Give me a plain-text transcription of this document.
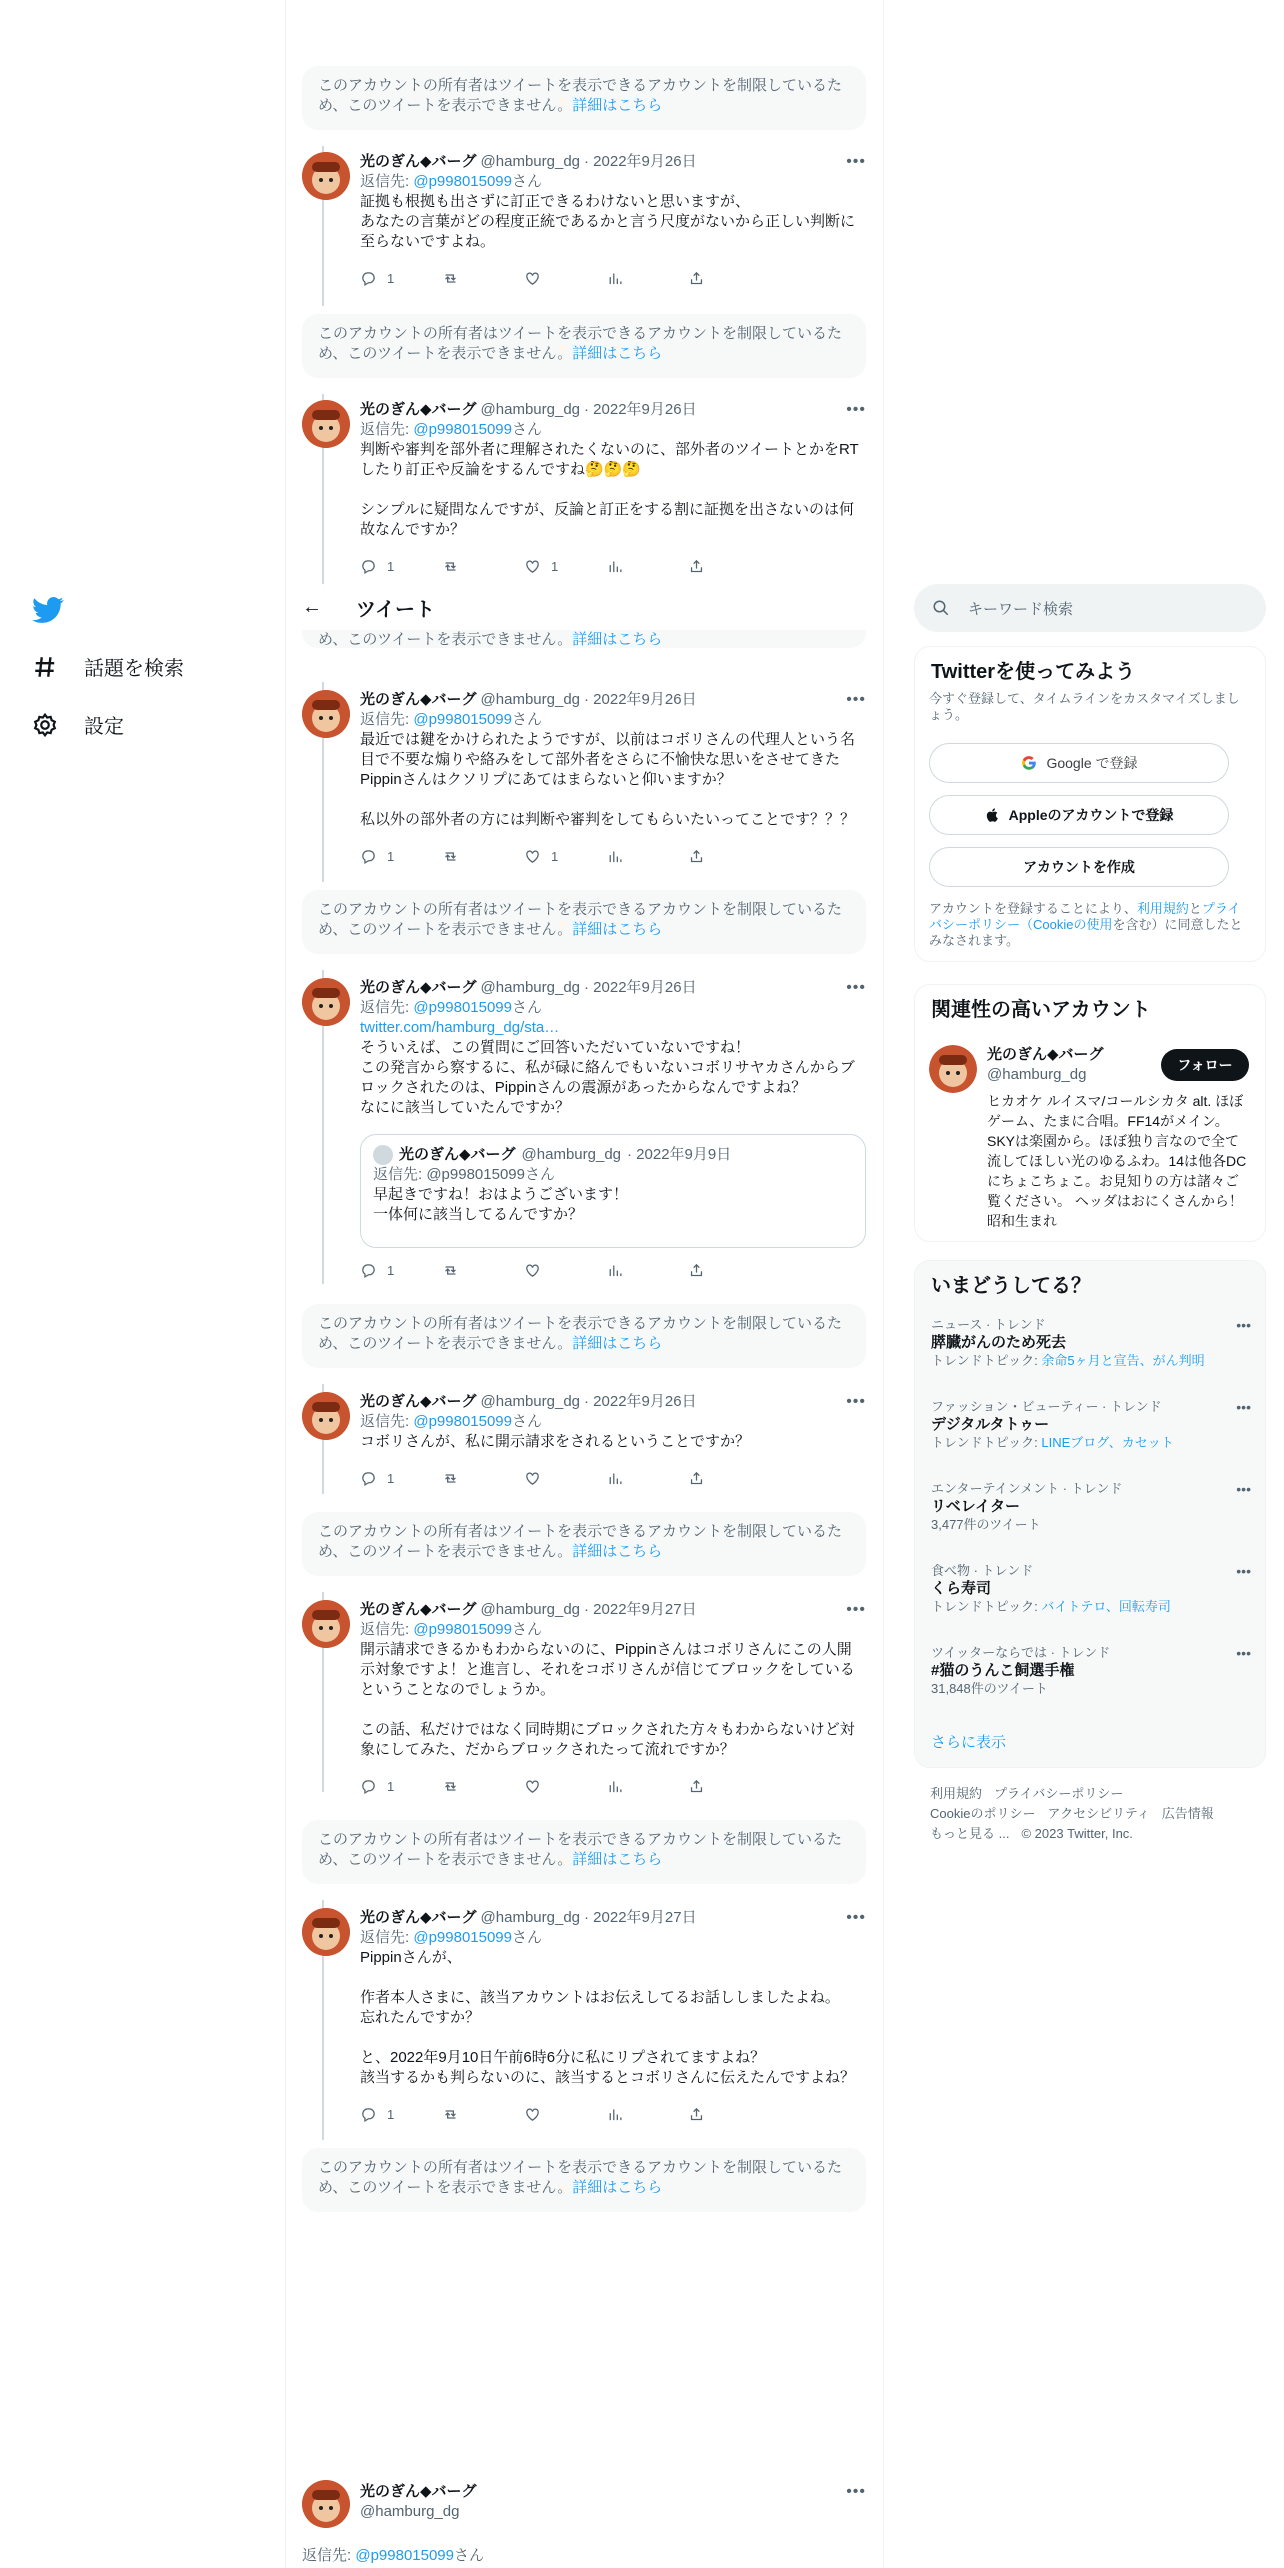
話題を検索
設定
このアカウントの所有者はツイートを表示できるアカウントを制限しているため、このツイートを表示できません。詳細はこちら
光のぎん◆バーグ @hamburg_dg · 2022年9月26日	•••
返信先: @p998015099さん
証拠も根拠も出さずに訂正できるわけないと思いますが、
あなたの言葉がどの程度正統であるかと言う尺度がないから正しい判断に至らないですよね。
1
このアカウントの所有者はツイートを表示できるアカウントを制限しているため、このツイートを表示できません。詳細はこちら
光のぎん◆バーグ @hamburg_dg · 2022年9月26日	•••
返信先: @p998015099さん
判断や審判を部外者に理解されたくないのに、部外者のツイートとかをRTしたり訂正や反論をするんですね🤔🤔🤔

シンプルに疑問なんですが、反論と訂正をする割に証拠を出さないのは何故なんですか？
1	1
め、このツイートを表示できません。詳細はこちら
光のぎん◆バーグ @hamburg_dg · 2022年9月26日	•••
返信先: @p998015099さん
最近では鍵をかけられたようですが、以前はコボリさんの代理人という名目で不要な煽りや絡みをして部外者をさらに不愉快な思いをさせてきたPippinさんはクソリプにあてはまらないと仰いますか？

私以外の部外者の方には判断や審判をしてもらいたいってことです？？？
1	1
このアカウントの所有者はツイートを表示できるアカウントを制限しているため、このツイートを表示できません。詳細はこちら
光のぎん◆バーグ @hamburg_dg · 2022年9月26日	•••
返信先: @p998015099さん
twitter.com/hamburg_dg/sta…
そういえば、この質問にご回答いただいていないですね！
この発言から察するに、私が碌に絡んでもいないコボリサヤカさんからブロックされたのは、Pippinさんの震源があったからなんですよね？
なにに該当していたんですか？
光のぎん◆バーグ @hamburg_dg · 2022年9月9日
返信先: @p998015099さん
早起きですね！おはようございます！
一体何に該当してるんですか？
1
このアカウントの所有者はツイートを表示できるアカウントを制限しているため、このツイートを表示できません。詳細はこちら
光のぎん◆バーグ @hamburg_dg · 2022年9月26日	•••
返信先: @p998015099さん
コボリさんが、私に開示請求をされるということですか？
1
このアカウントの所有者はツイートを表示できるアカウントを制限しているため、このツイートを表示できません。詳細はこちら
光のぎん◆バーグ @hamburg_dg · 2022年9月27日	•••
返信先: @p998015099さん
開示請求できるかもわからないのに、Pippinさんはコボリさんにこの人開示対象ですよ！と進言し、それをコボリさんが信じてブロックをしているということなのでしょうか。

この話、私だけではなく同時期にブロックされた方々もわからないけど対象にしてみた、だからブロックされたって流れですか？
1
このアカウントの所有者はツイートを表示できるアカウントを制限しているため、このツイートを表示できません。詳細はこちら
光のぎん◆バーグ @hamburg_dg · 2022年9月27日	•••
返信先: @p998015099さん
Pippinさんが、

作者本人さまに、該当アカウントはお伝えしてるお話ししましたよね。
忘れたんですか？

と、2022年9月10日午前6時6分に私にリプされてますよね？
該当するかも判らないのに、該当するとコボリさんに伝えたんですよね？
1
このアカウントの所有者はツイートを表示できるアカウントを制限しているため、このツイートを表示できません。詳細はこちら
← ツイート
光のぎん◆バーグ
@hamburg_dg
•••
返信先: @p998015099さん
キーワード検索
Twitterを使ってみよう
今すぐ登録して、タイムラインをカスタマイズしましょう。
Google で登録
Appleのアカウントで登録
アカウントを作成
アカウントを登録することにより、利用規約とプライバシーポリシー（Cookieの使用を含む）に同意したとみなされます。
関連性の高いアカウント
光のぎん◆バーグ
@hamburg_dg
フォロー
ヒカオケ ルイスマ/コールシカタ alt. ほぼゲーム、たまに合唱。FF14がメイン。SKYは楽園から。ほぼ独り言なので全て流してほしい光のゆるふわ。14は他各DCにちょこちょこ。お見知りの方は諸々ご覧ください。 ヘッダはおにくさんから！昭和生まれ
いまどうしてる？
ニュース · トレンド
膵臓がんのため死去
トレンドトピック: 余命5ヶ月と宣告、がん判明
•••
ファッション・ビューティー · トレンド
デジタルタトゥー
トレンドトピック: LINEブログ、カセット
•••
エンターテインメント · トレンド
リベレイター
3,477件のツイート
•••
食べ物 · トレンド
くら寿司
トレンドトピック: バイトテロ、回転寿司
•••
ツイッターならでは · トレンド
#猫のうんこ飼選手権
31,848件のツイート
•••
さらに表示
利用規約 プライバシーポリシー
Cookieのポリシー アクセシビリティ 広告情報
もっと見る ... © 2023 Twitter, Inc.
